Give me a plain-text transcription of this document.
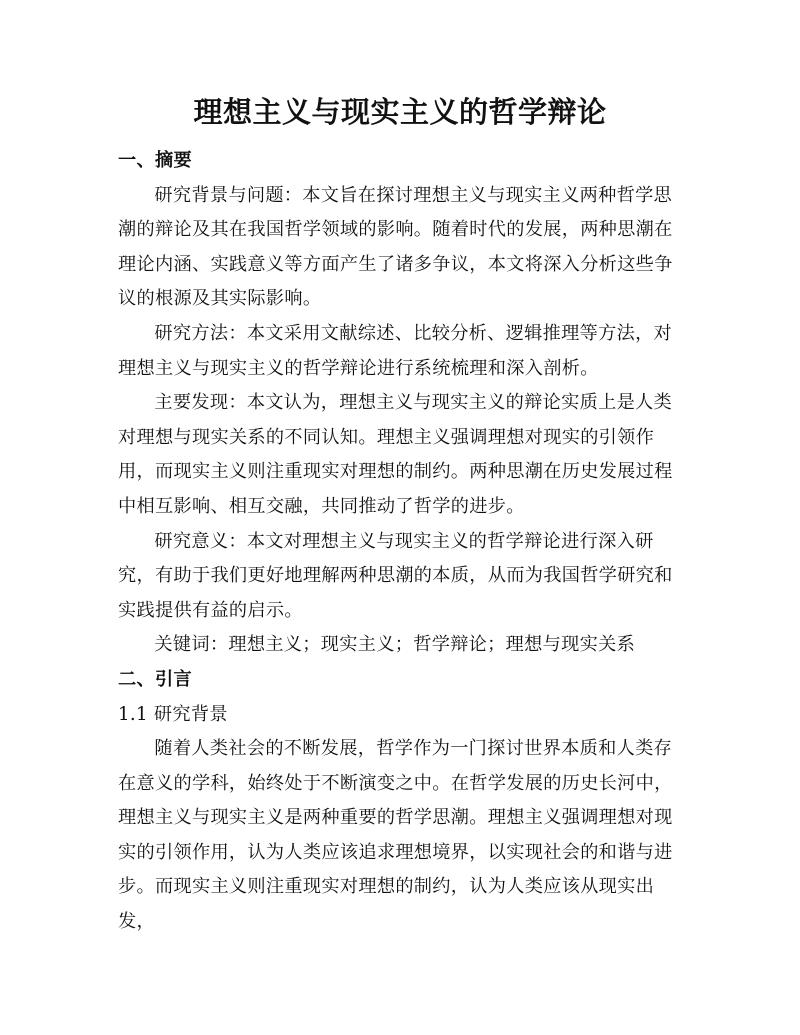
理想主义与现实主义的哲学辩论

一、摘要

研究背景与问题：本文旨在探讨理想主义与现实主义两种哲学思潮的辩论及其在我国哲学领域的影响。随着时代的发展，两种思潮在理论内涵、实践意义等方面产生了诸多争议，本文将深入分析这些争议的根源及其实际影响。

研究方法：本文采用文献综述、比较分析、逻辑推理等方法，对理想主义与现实主义的哲学辩论进行系统梳理和深入剖析。

主要发现：本文认为，理想主义与现实主义的辩论实质上是人类对理想与现实关系的不同认知。理想主义强调理想对现实的引领作用，而现实主义则注重现实对理想的制约。两种思潮在历史发展过程中相互影响、相互交融，共同推动了哲学的进步。

研究意义：本文对理想主义与现实主义的哲学辩论进行深入研究，有助于我们更好地理解两种思潮的本质，从而为我国哲学研究和实践提供有益的启示。

关键词：理想主义；现实主义；哲学辩论；理想与现实关系

二、引言

1.1 研究背景

随着人类社会的不断发展，哲学作为一门探讨世界本质和人类存在意义的学科，始终处于不断演变之中。在哲学发展的历史长河中，理想主义与现实主义是两种重要的哲学思潮。理想主义强调理想对现实的引领作用，认为人类应该追求理想境界，以实现社会的和谐与进步。而现实主义则注重现实对理想的制约，认为人类应该从现实出发，
